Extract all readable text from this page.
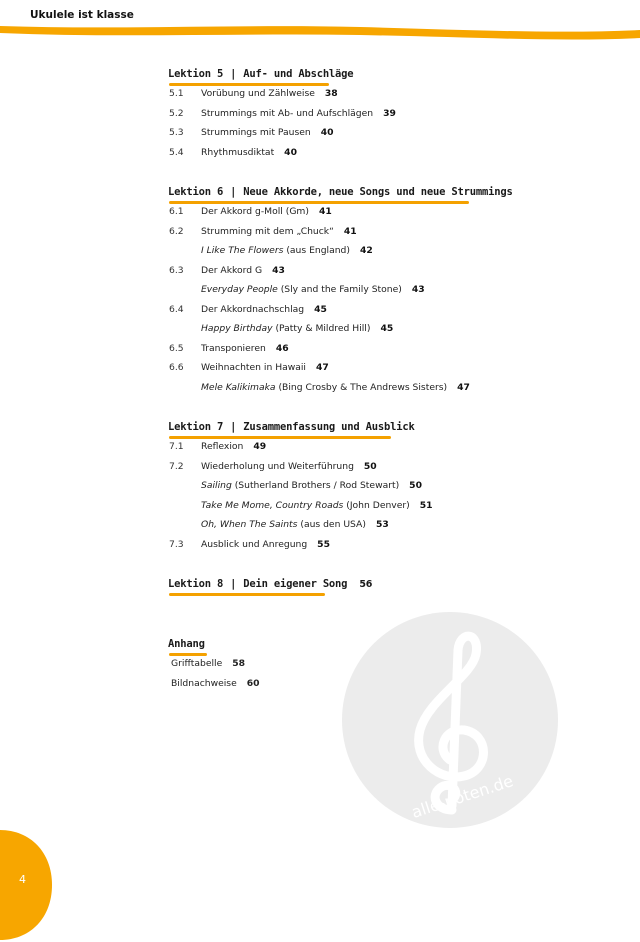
Ukulele ist klasse
alle-noten.de
Lektion 5 | Auf- und Abschläge
5.1 Vorübung und Zählweise 38
5.2 Strummings mit Ab- und Aufschlägen 39
5.3 Strummings mit Pausen 40
5.4 Rhythmusdiktat 40
Lektion 6 | Neue Akkorde, neue Songs und neue Strummings
6.1 Der Akkord g-Moll (Gm) 41
6.2 Strumming mit dem „Chuck“ 41
I Like The Flowers (aus England) 42
6.3 Der Akkord G 43
Everyday People (Sly and the Family Stone) 43
6.4 Der Akkordnachschlag 45
Happy Birthday (Patty & Mildred Hill) 45
6.5 Transponieren 46
6.6 Weihnachten in Hawaii 47
Mele Kalikimaka (Bing Crosby & The Andrews Sisters) 47
Lektion 7 | Zusammenfassung und Ausblick
7.1 Reflexion 49
7.2 Wiederholung und Weiterführung 50
Sailing (Sutherland Brothers / Rod Stewart) 50
Take Me Mome, Country Roads (John Denver) 51
Oh, When The Saints (aus den USA) 53
7.3 Ausblick und Anregung 55
Lektion 8 | Dein eigener Song 56
Anhang
Grifftabelle 58
Bildnachweise 60
4
